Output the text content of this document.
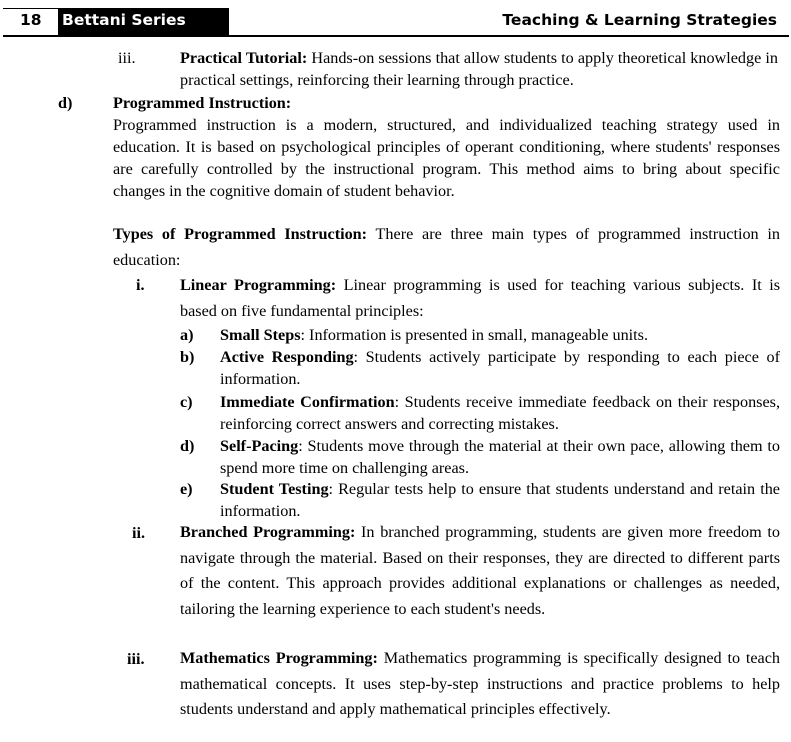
18 Bettani Series	Teaching & Learning Strategies
iii.	Practical Tutorial: Hands-on sessions that allow students to apply theoretical knowledge in practical settings, reinforcing their learning through practice.
d)	Programmed Instruction:
Programmed instruction is a modern, structured, and individualized teaching strategy used in education. It is based on psychological principles of operant conditioning, where students' responses are carefully controlled by the instructional program. This method aims to bring about specific changes in the cognitive domain of student behavior.
Types of Programmed Instruction: There are three main types of programmed instruction in education:
i. Linear Programming: Linear programming is used for teaching various subjects. It is based on five fundamental principles:
a) Small Steps: Information is presented in small, manageable units.
b) Active Responding: Students actively participate by responding to each piece of information.
c) Immediate Confirmation: Students receive immediate feedback on their responses, reinforcing correct answers and correcting mistakes.
d) Self-Pacing: Students move through the material at their own pace, allowing them to spend more time on challenging areas.
e) Student Testing: Regular tests help to ensure that students understand and retain the information.
ii. Branched Programming: In branched programming, students are given more freedom to navigate through the material. Based on their responses, they are directed to different parts of the content. This approach provides additional explanations or challenges as needed, tailoring the learning experience to each student's needs.
iii. Mathematics Programming: Mathematics programming is specifically designed to teach mathematical concepts. It uses step-by-step instructions and practice problems to help students understand and apply mathematical principles effectively.
